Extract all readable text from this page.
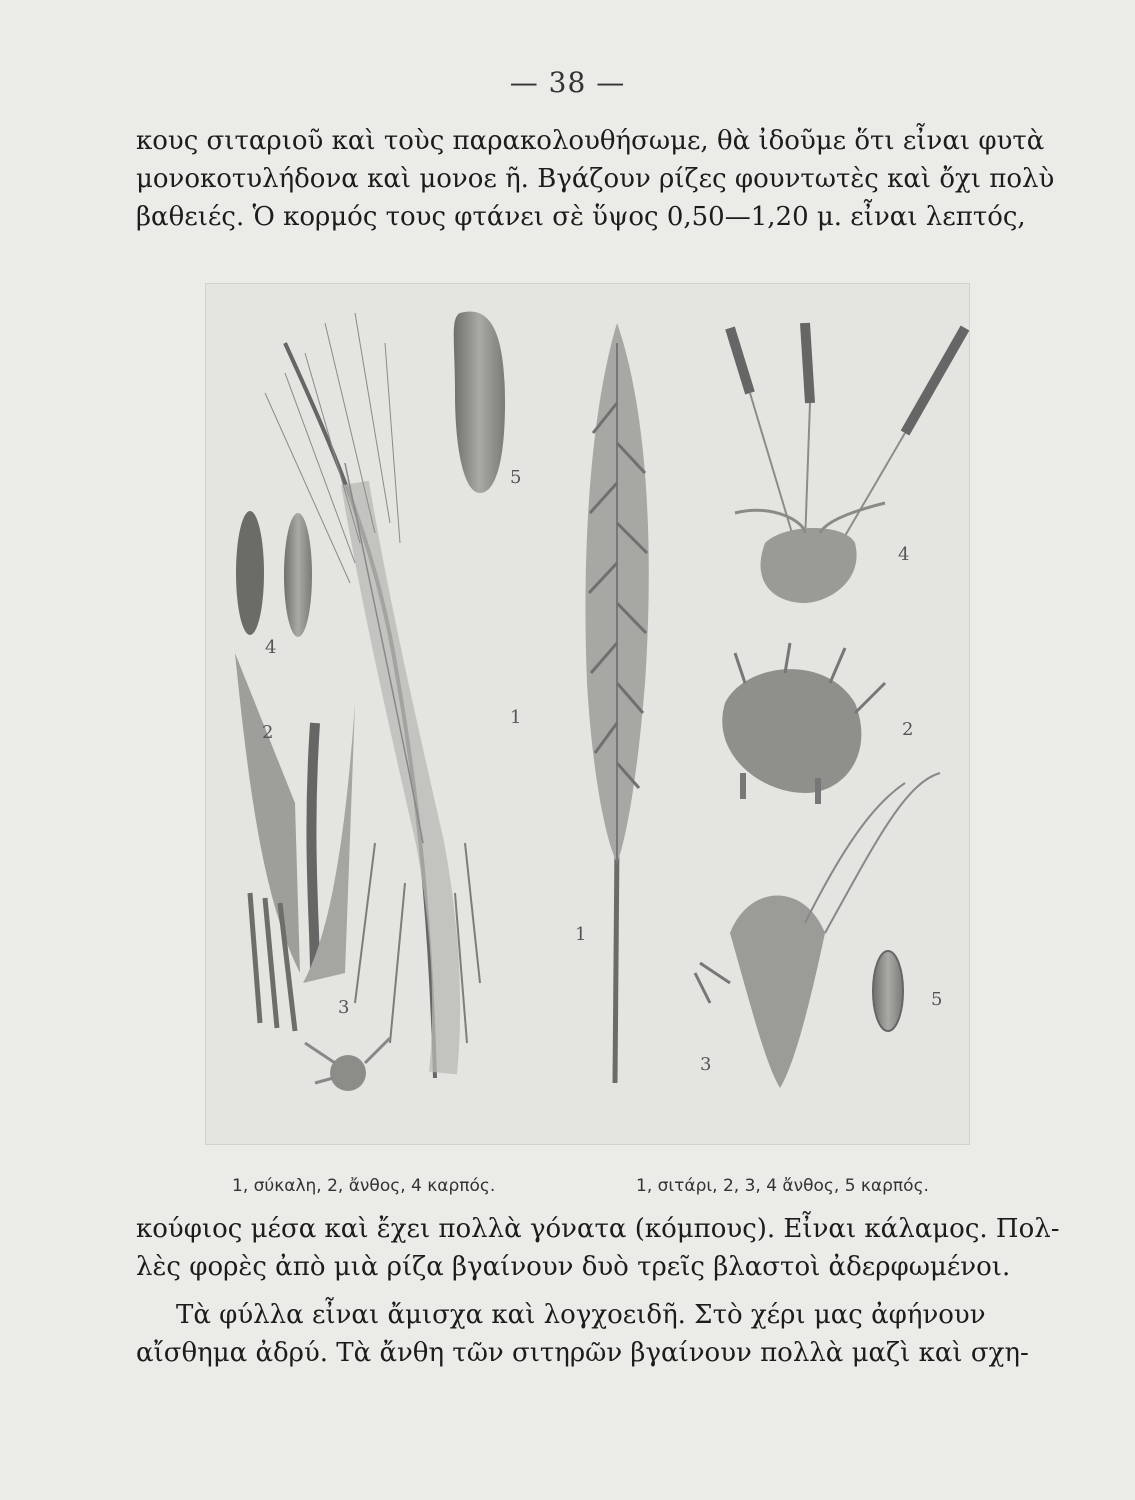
— 38 —
κους σιταριοῦ καὶ τοὺς παρακολουθήσωμε, θὰ ἰδοῦμε ὅτι εἶναι φυτὰ
μονοκοτυλήδονα καὶ μονοε ῆ. Βγάζουν ρίζες φουντωτὲς καὶ ὄχι πολὺ
βαθειές. Ὁ κορμός τους φτάνει σὲ ὕψος 0,50—1,20 μ. εἶναι λεπτός,
5
4
2
1
3
1
4
2
3
5
1, σύκαλη, 2, ἄνθος, 4 καρπός.	1, σιτάρι, 2, 3, 4 ἄνθος, 5 καρπός.
κούφιος μέσα καὶ ἔχει πολλὰ γόνατα (κόμπους). Εἶναι κάλαμος. Πολ-
λὲς φορὲς ἀπὸ μιὰ ρίζα βγαίνουν δυὸ τρεῖς βλαστοὶ ἀδερφωμένοι.
Τὰ φύλλα εἶναι ἄμισχα καὶ λογχοειδῆ. Στὸ χέρι μας ἀφήνουν
αἴσθημα ἀδρύ. Τὰ ἄνθη τῶν σιτηρῶν βγαίνουν πολλὰ μαζὶ καὶ σχη-
